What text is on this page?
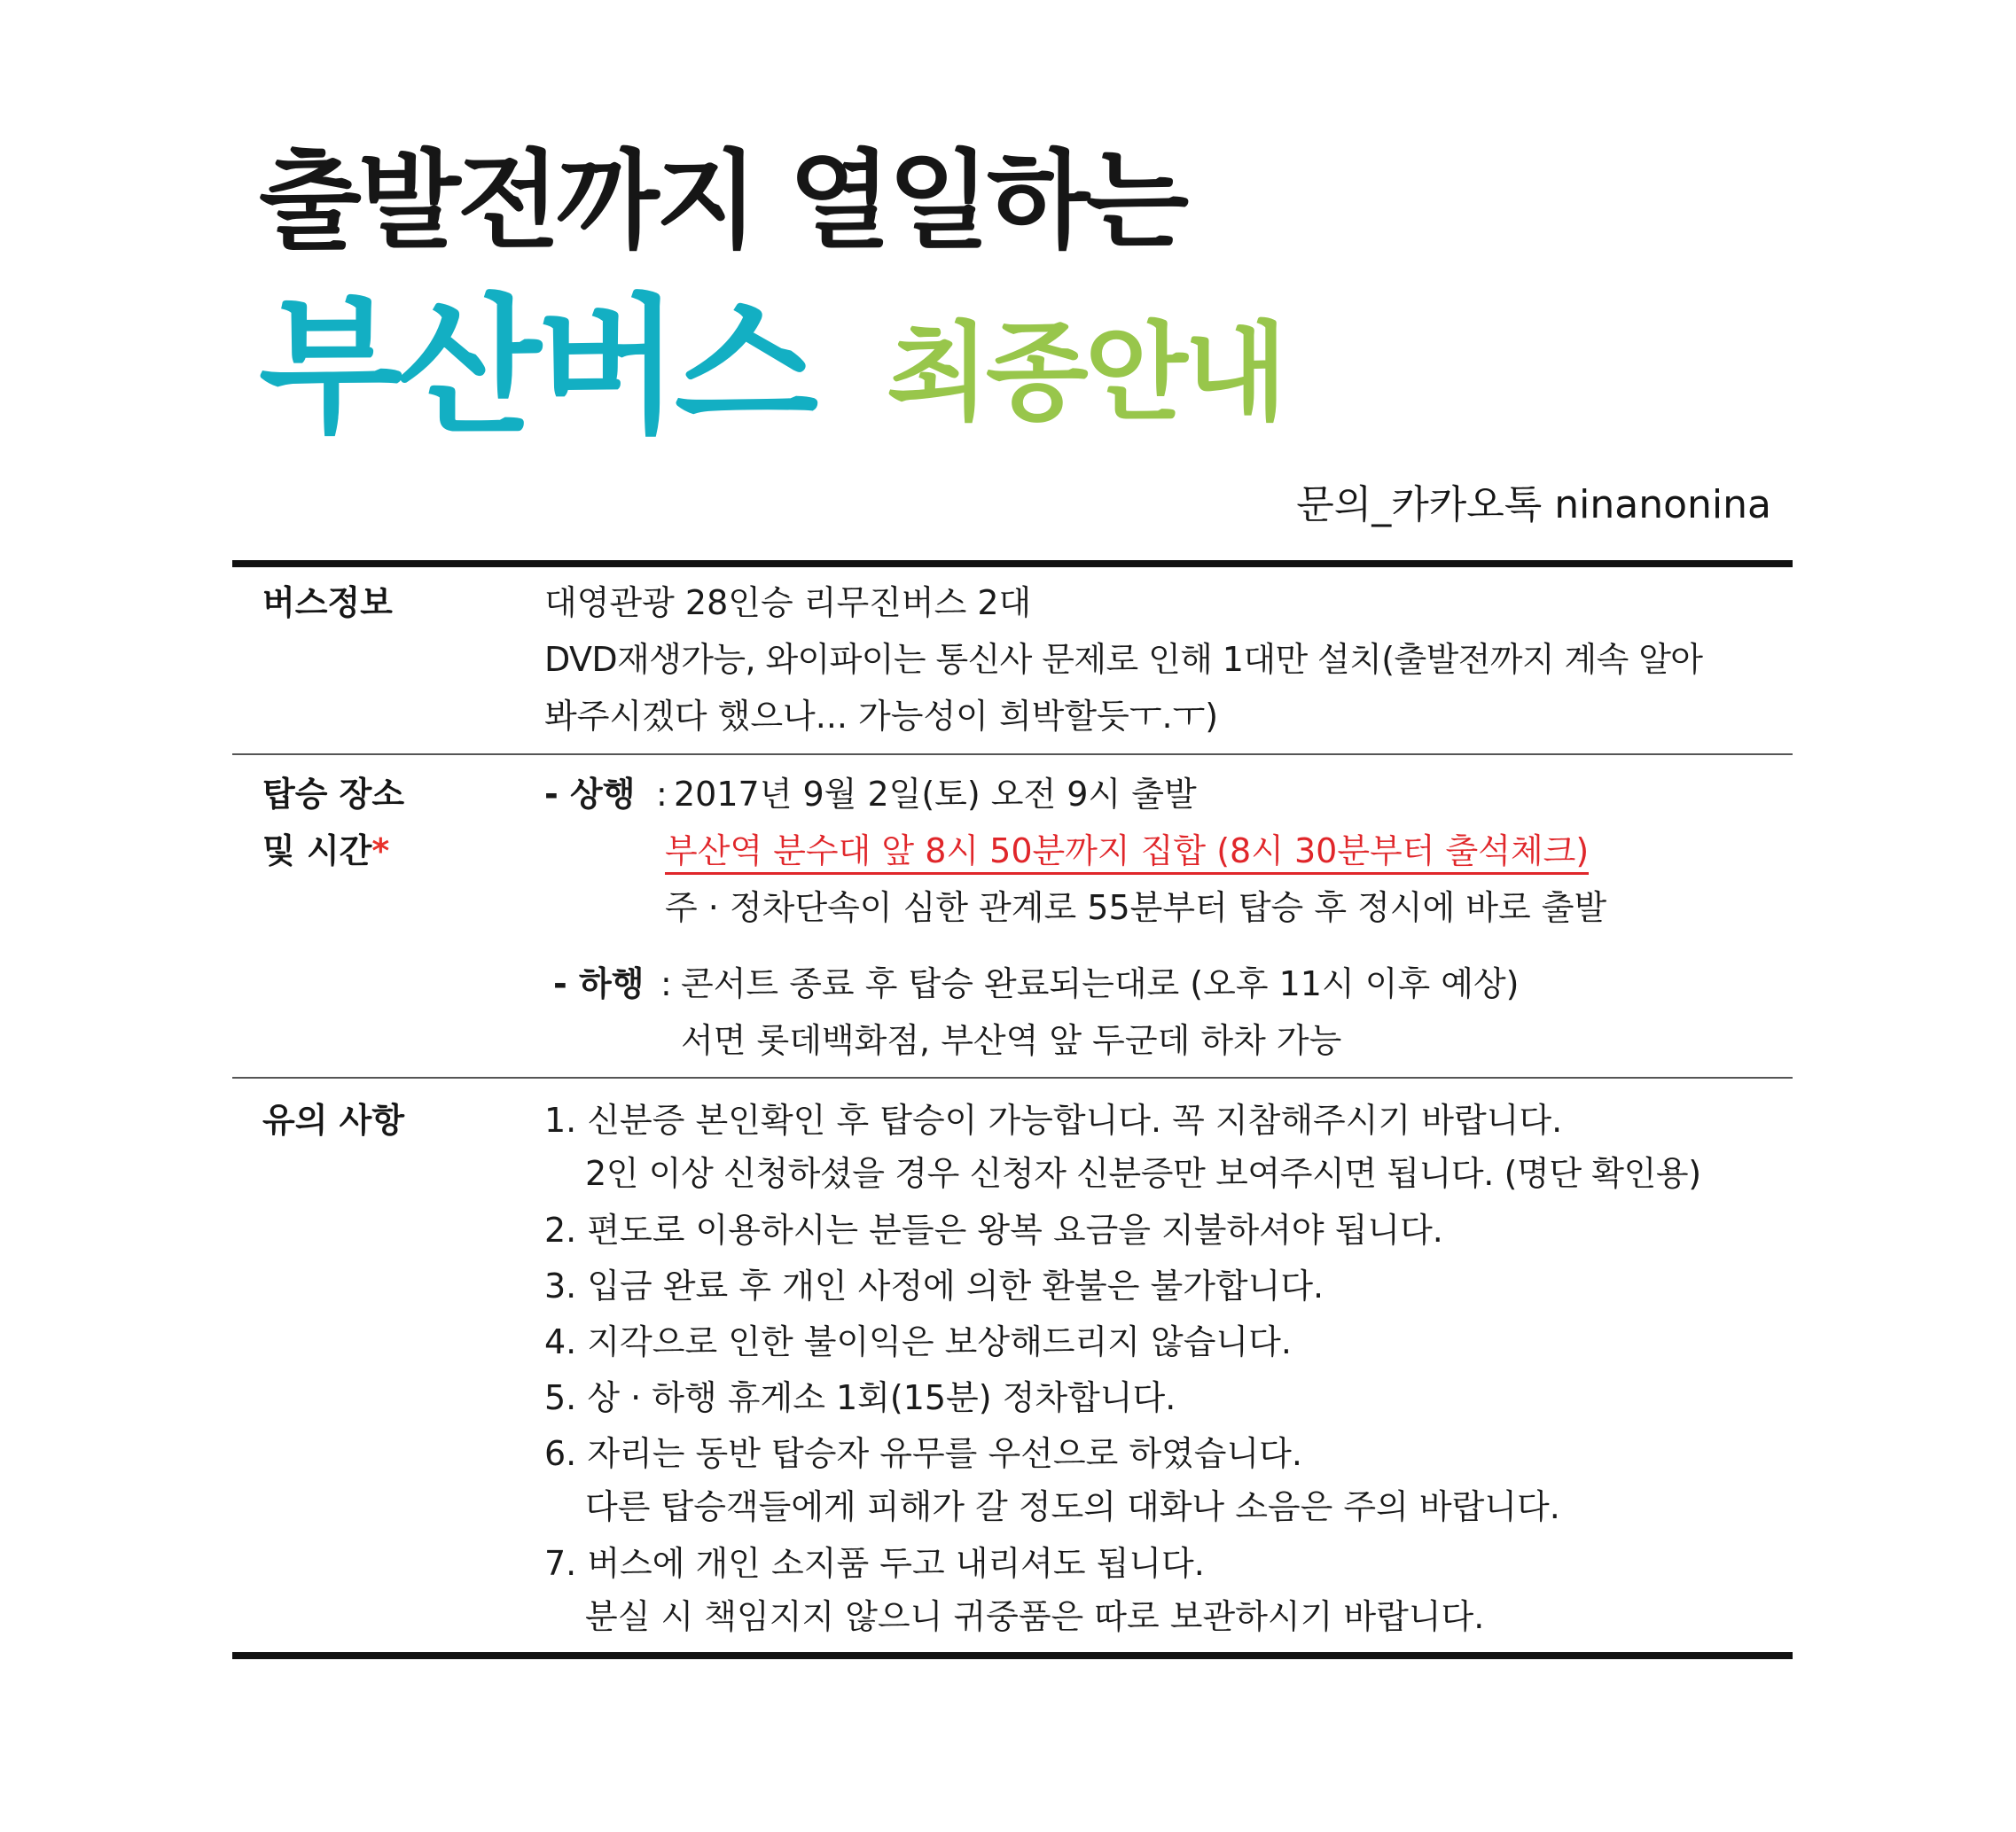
출발전까지 열일하는
부산버스 최종안내
문의_카카오톡 ninanonina
버스정보	대영관광 28인승 리무진버스 2대
DVD재생가능, 와이파이는 통신사 문제로 인해 1대만 설치(출발전까지 계속 알아
봐주시겠다 했으나... 가능성이 희박할듯ㅜ.ㅜ)
탑승 장소
및 시간*
- 상행 : 2017년 9월 2일(토) 오전 9시 출발
부산역 분수대 앞 8시 50분까지 집합 (8시 30분부터 출석체크)
주 · 정차단속이 심한 관계로 55분부터 탑승 후 정시에 바로 출발
- 하행 : 콘서트 종료 후 탑승 완료되는대로 (오후 11시 이후 예상)
서면 롯데백화점, 부산역 앞 두군데 하차 가능
유의 사항	1. 신분증 본인확인 후 탑승이 가능합니다. 꼭 지참해주시기 바랍니다.
2인 이상 신청하셨을 경우 신청자 신분증만 보여주시면 됩니다. (명단 확인용)
2. 편도로 이용하시는 분들은 왕복 요금을 지불하셔야 됩니다.
3. 입금 완료 후 개인 사정에 의한 환불은 불가합니다.
4. 지각으로 인한 불이익은 보상해드리지 않습니다.
5. 상 · 하행 휴게소 1회(15분) 정차합니다.
6. 자리는 동반 탑승자 유무를 우선으로 하였습니다.
다른 탑승객들에게 피해가 갈 정도의 대화나 소음은 주의 바랍니다.
7. 버스에 개인 소지품 두고 내리셔도 됩니다.
분실 시 책임지지 않으니 귀중품은 따로 보관하시기 바랍니다.
